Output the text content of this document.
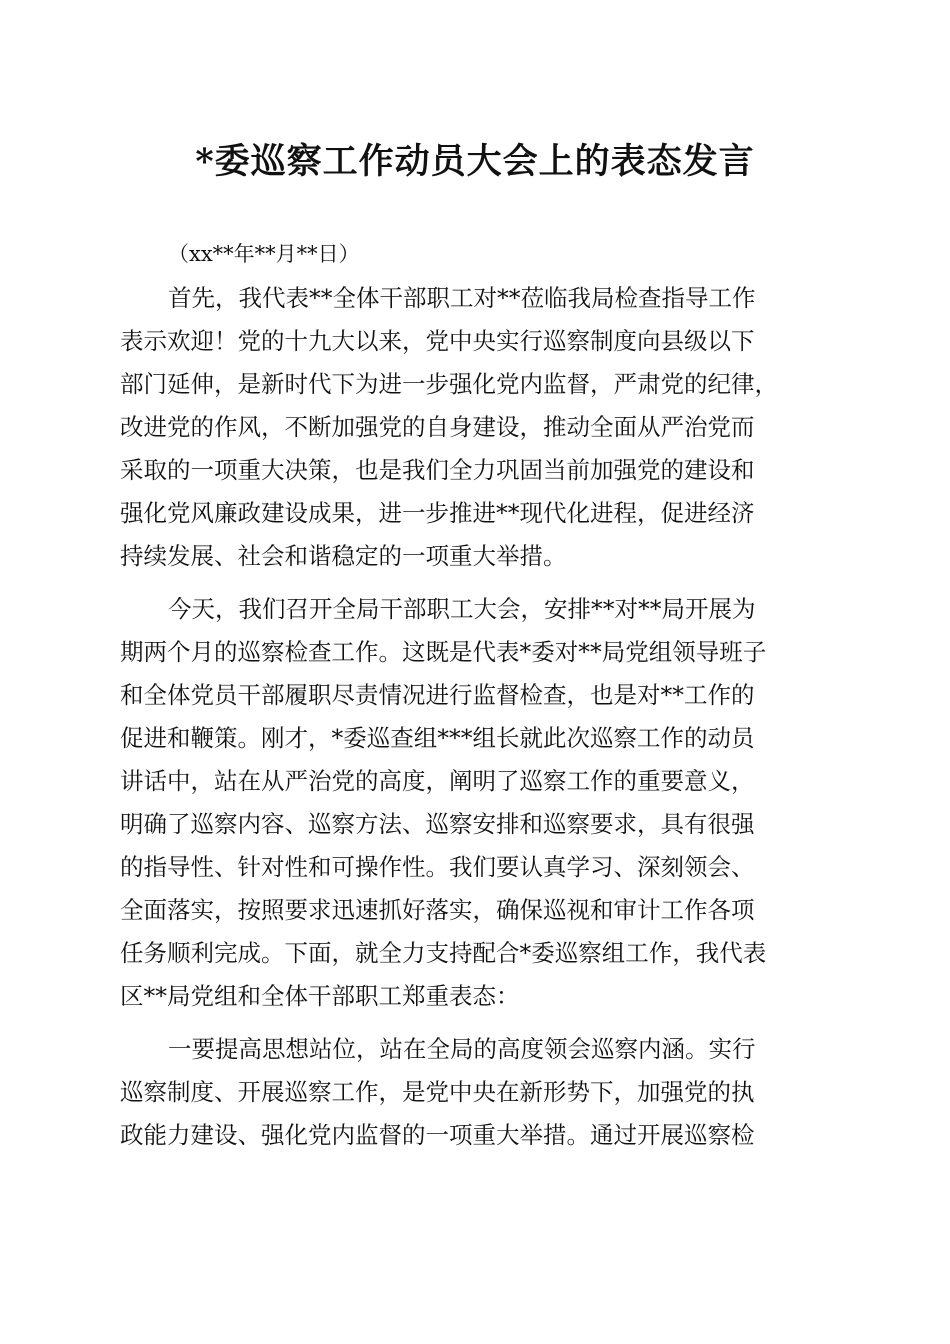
*委巡察工作动员大会上的表态发言

（xx**年**月**日）

首先，我代表**全体干部职工对**莅临我局检查指导工作

表示欢迎！党的十九大以来，党中央实行巡察制度向县级以下

部门延伸，是新时代下为进一步强化党内监督，严肃党的纪律，

改进党的作风，不断加强党的自身建设，推动全面从严治党而

采取的一项重大决策，也是我们全力巩固当前加强党的建设和

强化党风廉政建设成果，进一步推进**现代化进程，促进经济

持续发展、社会和谐稳定的一项重大举措。

今天，我们召开全局干部职工大会，安排**对**局开展为

期两个月的巡察检查工作。这既是代表*委对**局党组领导班子

和全体党员干部履职尽责情况进行监督检查，也是对**工作的

促进和鞭策。刚才，*委巡查组***组长就此次巡察工作的动员

讲话中，站在从严治党的高度，阐明了巡察工作的重要意义，

明确了巡察内容、巡察方法、巡察安排和巡察要求，具有很强

的指导性、针对性和可操作性。我们要认真学习、深刻领会、

全面落实，按照要求迅速抓好落实，确保巡视和审计工作各项

任务顺利完成。下面，就全力支持配合*委巡察组工作，我代表

区**局党组和全体干部职工郑重表态：

一要提高思想站位，站在全局的高度领会巡察内涵。实行

巡察制度、开展巡察工作，是党中央在新形势下，加强党的执

政能力建设、强化党内监督的一项重大举措。通过开展巡察检
